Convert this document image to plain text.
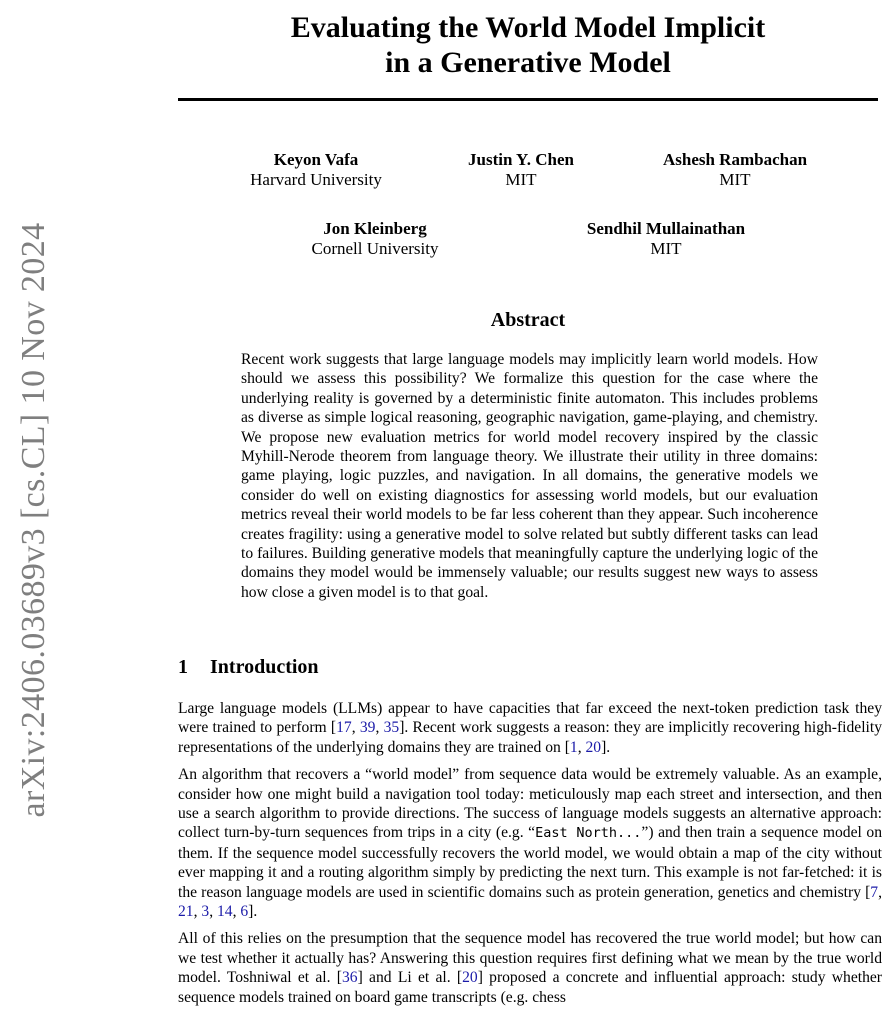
arXiv:2406.03689v3 [cs.CL] 10 Nov 2024
Evaluating the World Model Implicit
in a Generative Model
Keyon Vafa
Harvard University
Justin Y. Chen
MIT
Ashesh Rambachan
MIT
Jon Kleinberg
Cornell University
Sendhil Mullainathan
MIT
Abstract
Recent work suggests that large language models may implicitly learn world models. How should we assess this possibility? We formalize this question for the case where the underlying reality is governed by a deterministic finite automaton. This includes problems as diverse as simple logical reasoning, geographic navigation, game-playing, and chemistry. We propose new evaluation metrics for world model recovery inspired by the classic Myhill-Nerode theorem from language theory. We illustrate their utility in three domains: game playing, logic puzzles, and navigation. In all domains, the generative models we consider do well on existing diagnostics for assessing world models, but our evaluation metrics reveal their world models to be far less coherent than they appear. Such incoherence creates fragility: using a generative model to solve related but subtly different tasks can lead to failures. Building generative models that meaningfully capture the underlying logic of the domains they model would be immensely valuable; our results suggest new ways to assess how close a given model is to that goal.
1 Introduction

Large language models (LLMs) appear to have capacities that far exceed the next-token prediction task they were trained to perform [17, 39, 35]. Recent work suggests a reason: they are implicitly recovering high-fidelity representations of the underlying domains they are trained on [1, 20].

An algorithm that recovers a “world model” from sequence data would be extremely valuable. As an example, consider how one might build a navigation tool today: meticulously map each street and intersection, and then use a search algorithm to provide directions. The success of language models suggests an alternative approach: collect turn-by-turn sequences from trips in a city (e.g. “East North...”) and then train a sequence model on them. If the sequence model successfully recovers the world model, we would obtain a map of the city without ever mapping it and a routing algorithm simply by predicting the next turn. This example is not far-fetched: it is the reason language models are used in scientific domains such as protein generation, genetics and chemistry [7, 21, 3, 14, 6].

All of this relies on the presumption that the sequence model has recovered the true world model; but how can we test whether it actually has? Answering this question requires first defining what we mean by the true world model. Toshniwal et al. [36] and Li et al. [20] proposed a concrete and influential approach: study whether sequence models trained on board game transcripts (e.g. chess
